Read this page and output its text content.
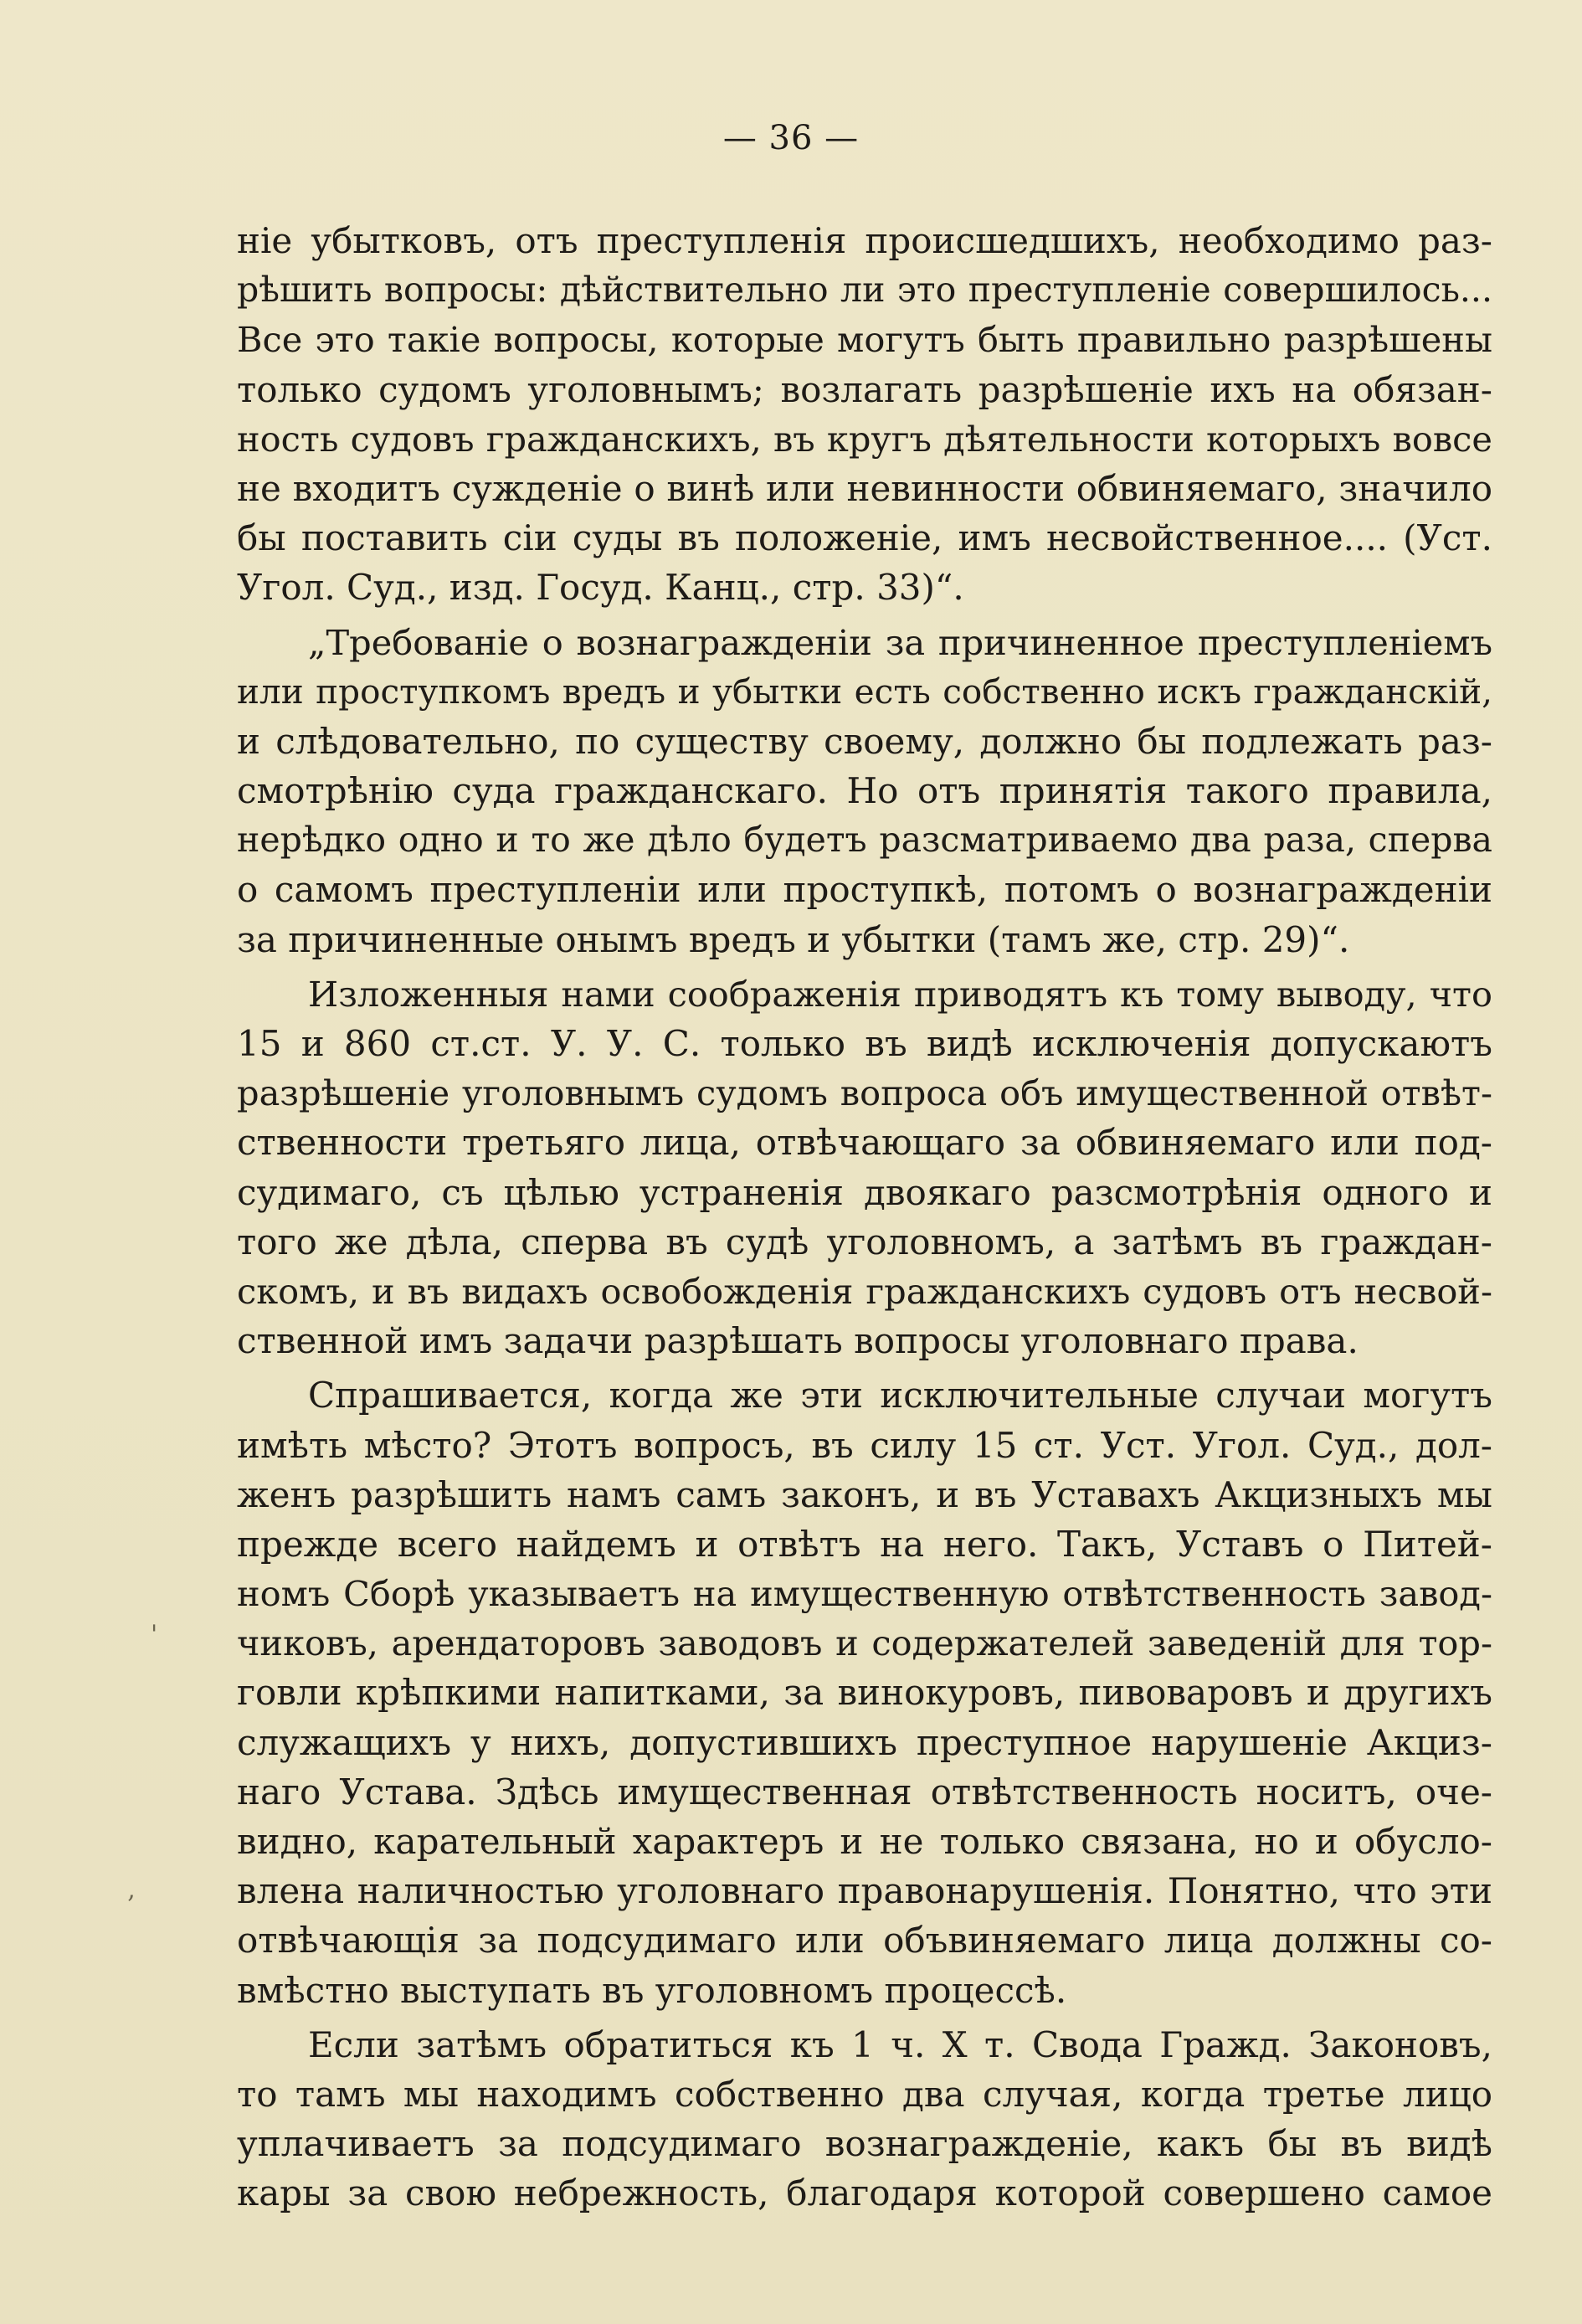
— 36 —
ніе убытковъ, отъ преступленія происшедшихъ, необходимо раз-
рѣшить вопросы: дѣйствительно ли это преступленіе совершилось...
Все это такіе вопросы, которые могутъ быть правильно разрѣшены
только судомъ уголовнымъ; возлагать разрѣшеніе ихъ на обязан-
ность судовъ гражданскихъ, въ кругъ дѣятельности которыхъ вовсе
не входитъ сужденіе о винѣ или невинности обвиняемаго, значило
бы поставить сіи суды въ положеніе, имъ несвойственное.... (Уст.
Угол. Суд., изд. Госуд. Канц., стр. 33)“.
„Требованіе о вознагражденіи за причиненное преступленіемъ
или проступкомъ вредъ и убытки есть собственно искъ гражданскій,
и слѣдовательно, по существу своему, должно бы подлежать раз-
смотрѣнію суда гражданскаго. Но отъ принятія такого правила,
нерѣдко одно и то же дѣло будетъ разсматриваемо два раза, сперва
о самомъ преступленіи или проступкѣ, потомъ о вознагражденіи
за причиненные онымъ вредъ и убытки (тамъ же, стр. 29)“.
Изложенныя нами соображенія приводятъ къ тому выводу, что
15 и 860 ст.ст. У. У. С. только въ видѣ исключенія допускаютъ
разрѣшеніе уголовнымъ судомъ вопроса объ имущественной отвѣт-
ственности третьяго лица, отвѣчающаго за обвиняемаго или под-
судимаго, съ цѣлью устраненія двоякаго разсмотрѣнія одного и
того же дѣла, сперва въ судѣ уголовномъ, а затѣмъ въ граждан-
скомъ, и въ видахъ освобожденія гражданскихъ судовъ отъ несвой-
ственной имъ задачи разрѣшать вопросы уголовнаго права.
Спрашивается, когда же эти исключительные случаи могутъ
имѣть мѣсто? Этотъ вопросъ, въ силу 15 ст. Уст. Угол. Суд., дол-
женъ разрѣшить намъ самъ законъ, и въ Уставахъ Акцизныхъ мы
прежде всего найдемъ и отвѣтъ на него. Такъ, Уставъ о Питей-
номъ Сборѣ указываетъ на имущественную отвѣтственность завод-
чиковъ, арендаторовъ заводовъ и содержателей заведеній для тор-
говли крѣпкими напитками, за винокуровъ, пивоваровъ и другихъ
служащихъ у нихъ, допустившихъ преступное нарушеніе Акциз-
наго Устава. Здѣсь имущественная отвѣтственность носитъ, оче-
видно, карательный характеръ и не только связана, но и обусло-
влена наличностью уголовнаго правонарушенія. Понятно, что эти
отвѣчающія за подсудимаго или объвиняемаго лица должны со-
вмѣстно выступать въ уголовномъ процессѣ.
Если затѣмъ обратиться къ 1 ч. X т. Свода Гражд. Законовъ,
то тамъ мы находимъ собственно два случая, когда третье лицо
уплачиваетъ за подсудимаго вознагражденіе, какъ бы въ видѣ
кары за свою небрежность, благодаря которой совершено самое
'
‚
